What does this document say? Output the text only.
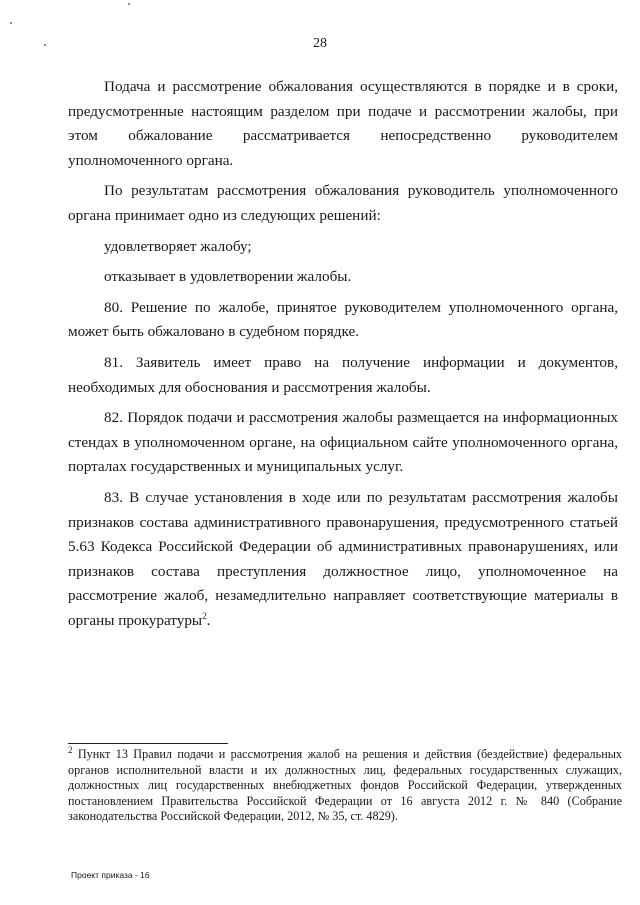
28

Подача и рассмотрение обжалования осуществляются в порядке и в сроки, предусмотренные настоящим разделом при подаче и рассмотрении жалобы, при этом обжалование рассматривается непосредственно руководителем уполномоченного органа.

По результатам рассмотрения обжалования руководитель уполномоченного органа принимает одно из следующих решений:

удовлетворяет жалобу;

отказывает в удовлетворении жалобы.

80. Решение по жалобе, принятое руководителем уполномоченного органа, может быть обжаловано в судебном порядке.

81. Заявитель имеет право на получение информации и документов, необходимых для обоснования и рассмотрения жалобы.

82. Порядок подачи и рассмотрения жалобы размещается на информационных стендах в уполномоченном органе, на официальном сайте уполномоченного органа, порталах государственных и муниципальных услуг.

83. В случае установления в ходе или по результатам рассмотрения жалобы признаков состава административного правонарушения, предусмотренного статьей 5.63 Кодекса Российской Федерации об административных правонарушениях, или признаков состава преступления должностное лицо, уполномоченное на рассмотрение жалоб, незамедлительно направляет соответствующие материалы в органы прокуратуры$^2$.

$^2$ Пункт 13 Правил подачи и рассмотрения жалоб на решения и действия (бездействие) федеральных органов исполнительной власти и их должностных лиц, федеральных государственных служащих, должностных лиц государственных внебюджетных фондов Российской Федерации, утвержденных постановлением Правительства Российской Федерации от 16 августа 2012 г. № 840 (Собрание законодательства Российской Федерации, 2012, № 35, ст. 4829).

Проект приказа - 16
